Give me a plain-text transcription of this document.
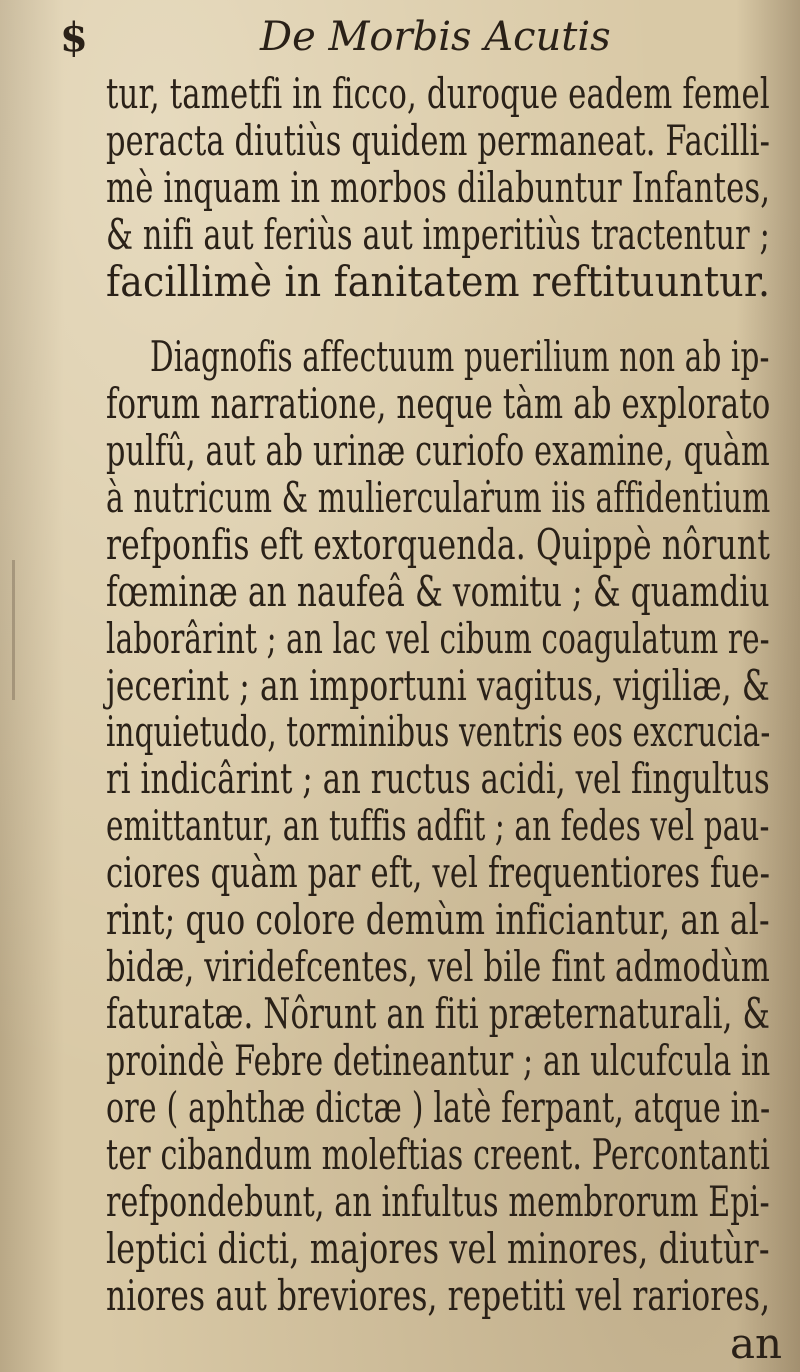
$	De Morbis Acutis
tur, tametfi in ficco, duroque eadem femel
peracta diutiùs quidem permaneat. Facilli-
mè inquam in morbos dilabuntur Infantes,
& nifi aut feriùs aut imperitiùs tractentur ;
facillimè in fanitatem reftituuntur.
Diagnofis affectuum puerilium non ab ip-
forum narratione, neque tàm ab explorato
pulfû, aut ab urinæ curiofo examine, quàm
à nutricum & mulierculaṙum iis affidentium
refponfis eft extorquenda. Quippè nôrunt
fœminæ an naufeâ & vomitu ; & quamdiu
laborârint ; an lac vel cibum coagulatum re-
jecerint ; an importuni vagitus, vigiliæ, &
inquietudo, torminibus ventris eos excrucia-
ri indicârint ; an ructus acidi, vel fingultus
emittantur, an tuffis adfit ; an fedes vel pau-
ciores quàm par eft, vel frequentiores fue-
rint; quo colore demùm inficiantur, an al-
bidæ, viridefcentes, vel bile fint admodùm
faturatæ. Nôrunt an fiti præternaturali, &
proindè Febre detineantur ; an ulcufcula in
ore ( aphthæ dictæ ) latè ferpant, atque in-
ter cibandum moleftias creent. Percontanti
refpondebunt, an infultus membrorum Epi-
leptici dicti, majores vel minores, diutùr-
niores aut breviores, repetiti vel rariores,
an
